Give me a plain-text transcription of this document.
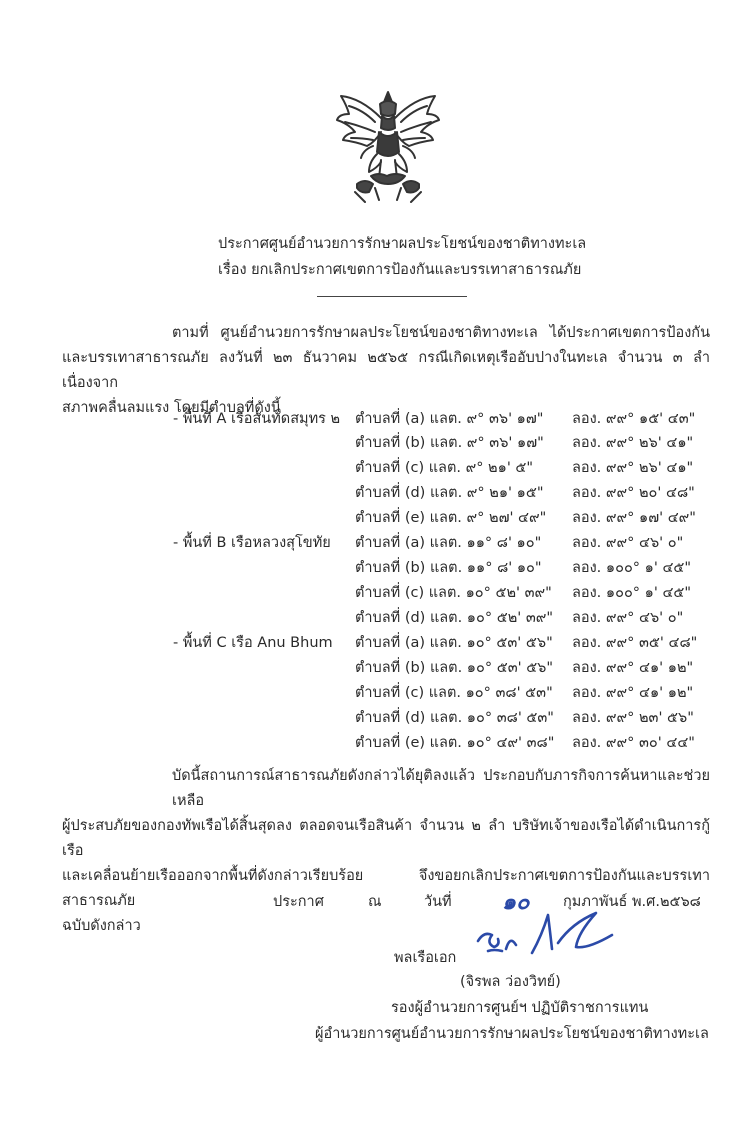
ประกาศศูนย์อำนวยการรักษาผลประโยชน์ของชาติทางทะเล
เรื่อง ยกเลิกประกาศเขตการป้องกันและบรรเทาสาธารณภัย
ตามที่ ศูนย์อำนวยการรักษาผลประโยชน์ของชาติทางทะเล ได้ประกาศเขตการป้องกัน
และบรรเทาสาธารณภัย ลงวันที่ ๒๓ ธันวาคม ๒๕๖๕ กรณีเกิดเหตุเรืออับปางในทะเล จำนวน ๓ ลำ เนื่องจาก
สภาพคลื่นลมแรง โดยมีตำบลที่ดังนี้
- พื้นที่ A เรือสันทัดสมุทร ๒ ตำบลที่ (a) แลต. ๙° ๓๖' ๑๗" ลอง. ๙๙° ๑๕' ๔๓"
ตำบลที่ (b) แลต. ๙° ๓๖' ๑๗" ลอง. ๙๙° ๒๖' ๔๑"
ตำบลที่ (c) แลต. ๙° ๒๑' ๕"	ลอง. ๙๙° ๒๖' ๔๑"
ตำบลที่ (d) แลต. ๙° ๒๑' ๑๕" ลอง. ๙๙° ๒๐' ๔๘"
ตำบลที่ (e) แลต. ๙° ๒๗' ๔๙" ลอง. ๙๙° ๑๗' ๔๙"
- พื้นที่ B เรือหลวงสุโขทัย ตำบลที่ (a) แลต. ๑๑° ๘' ๑๐" ลอง. ๙๙° ๔๖' ๐"
ตำบลที่ (b) แลต. ๑๑° ๘' ๑๐" ลอง. ๑๐๐° ๑' ๔๕"
ตำบลที่ (c) แลต. ๑๐° ๕๒' ๓๙" ลอง. ๑๐๐° ๑' ๔๕"
ตำบลที่ (d) แลต. ๑๐° ๕๒' ๓๙" ลอง. ๙๙° ๔๖' ๐"
- พื้นที่ C เรือ Anu Bhum ตำบลที่ (a) แลต. ๑๐° ๕๓' ๕๖" ลอง. ๙๙° ๓๕' ๔๘"
ตำบลที่ (b) แลต. ๑๐° ๕๓' ๕๖" ลอง. ๙๙° ๔๑' ๑๒"
ตำบลที่ (c) แลต. ๑๐° ๓๘' ๕๓" ลอง. ๙๙° ๔๑' ๑๒"
ตำบลที่ (d) แลต. ๑๐° ๓๘' ๕๓" ลอง. ๙๙° ๒๓' ๕๖"
ตำบลที่ (e) แลต. ๑๐° ๔๙' ๓๘" ลอง. ๙๙° ๓๐' ๔๔"
บัดนี้สถานการณ์สาธารณภัยดังกล่าวได้ยุติลงแล้ว ประกอบกับภารกิจการค้นหาและช่วยเหลือ
ผู้ประสบภัยของกองทัพเรือได้สิ้นสุดลง ตลอดจนเรือสินค้า จำนวน ๒ ลำ บริษัทเจ้าของเรือได้ดำเนินการกู้เรือ
และเคลื่อนย้ายเรือออกจากพื้นที่ดังกล่าวเรียบร้อย จึงขอยกเลิกประกาศเขตการป้องกันและบรรเทาสาธารณภัย
ฉบับดังกล่าว
ประกาศ	ณ	วันที่ ๑๐ กุมภาพันธ์ พ.ศ.๒๕๖๘
พลเรือเอก
(จิรพล ว่องวิทย์)
รองผู้อำนวยการศูนย์ฯ ปฏิบัติราชการแทน
ผู้อำนวยการศูนย์อำนวยการรักษาผลประโยชน์ของชาติทางทะเล
